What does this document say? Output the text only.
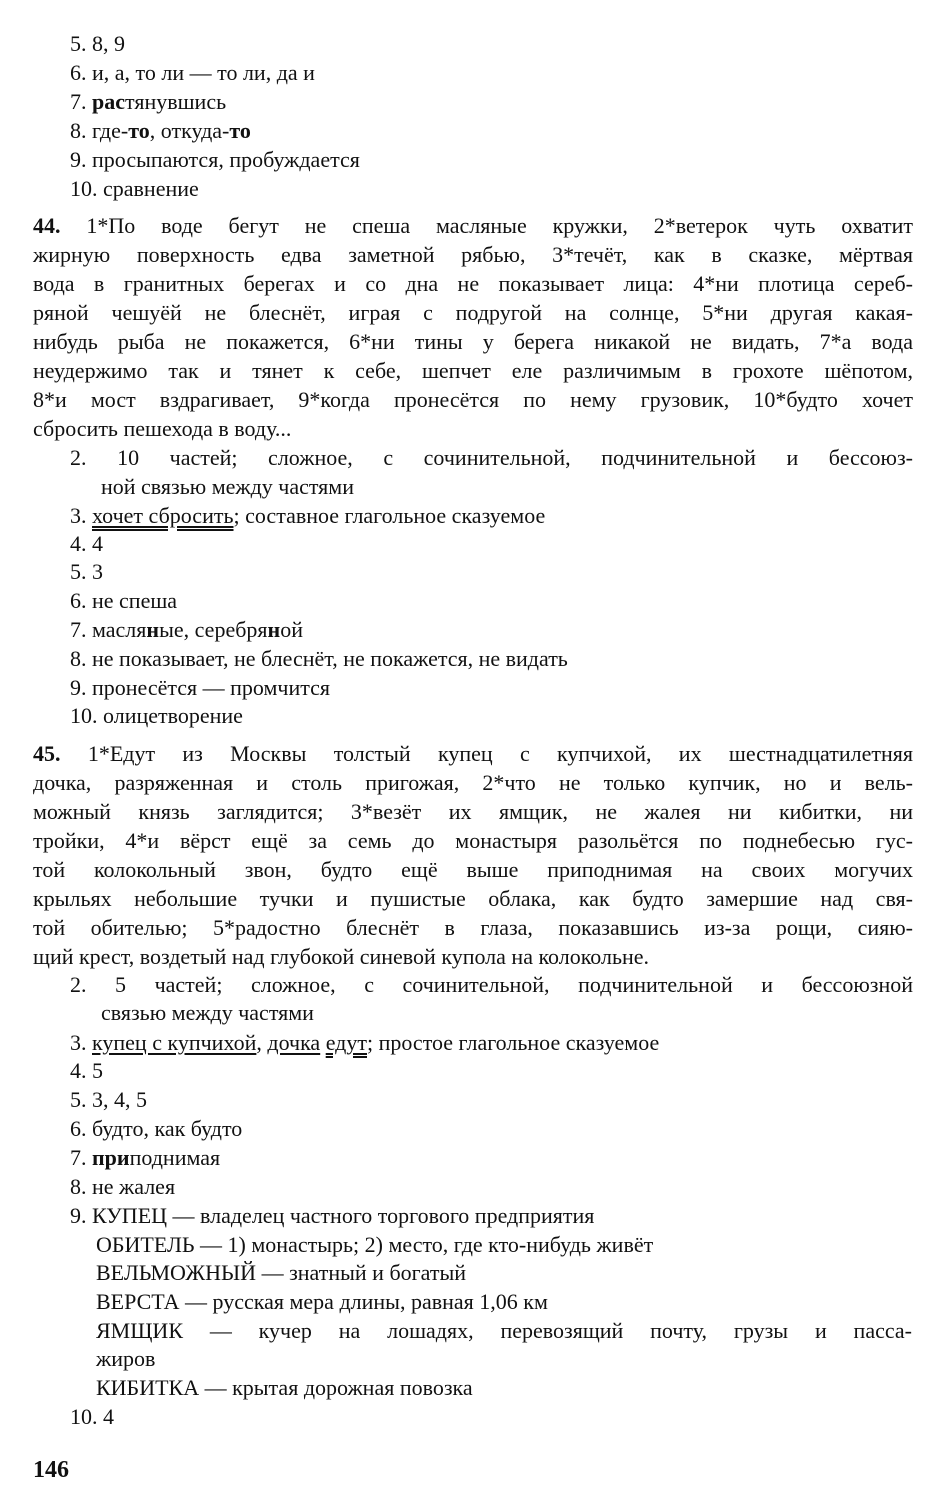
5. 8, 9
6. и, а, то ли — то ли, да и
7. растянувшись
8. где-то, откуда-то
9. просыпаются, пробуждается
10. сравнение
44. 1*По воде бегут не спеша масляные кружки, 2*ветерок чуть охватит
жирную поверхность едва заметной рябью, 3*течёт, как в сказке, мёртвая
вода в гранитных берегах и со дна не показывает лица: 4*ни плотица сереб-
ряной чешуёй не блеснёт, играя с подругой на солнце, 5*ни другая какая-
нибудь рыба не покажется, 6*ни тины у берега никакой не видать, 7*а вода
неудержимо так и тянет к себе, шепчет еле различимым в грохоте шёпотом,
8*и мост вздрагивает, 9*когда пронесётся по нему грузовик, 10*будто хочет
сбросить пешехода в воду...
2. 10 частей; сложное, с сочинительной, подчинительной и бессоюз-
ной связью между частями
3. хочет сбросить; составное глагольное сказуемое
4. 4
5. 3
6. не спеша
7. масляные, серебряной
8. не показывает, не блеснёт, не покажется, не видать
9. пронесётся — промчится
10. олицетворение
45. 1*Едут из Москвы толстый купец с купчихой, их шестнадцатилетняя
дочка, разряженная и столь пригожая, 2*что не только купчик, но и вель-
можный князь заглядится; 3*везёт их ямщик, не жалея ни кибитки, ни
тройки, 4*и вёрст ещё за семь до монастыря разольётся по поднебесью гус-
той колокольный звон, будто ещё выше приподнимая на своих могучих
крыльях небольшие тучки и пушистые облака, как будто замершие над свя-
той обителью; 5*радостно блеснёт в глаза, показавшись из-за рощи, сияю-
щий крест, воздетый над глубокой синевой купола на колокольне.
2. 5 частей; сложное, с сочинительной, подчинительной и бессоюзной
связью между частями
3. купец с купчихой, дочка едут; простое глагольное сказуемое
4. 5
5. 3, 4, 5
6. будто, как будто
7. приподнимая
8. не жалея
9. КУПЕЦ — владелец частного торгового предприятия
ОБИТЕЛЬ — 1) монастырь; 2) место, где кто-нибудь живёт
ВЕЛЬМОЖНЫЙ — знатный и богатый
ВЕРСТА — русская мера длины, равная 1,06 км
ЯМЩИК — кучер на лошадях, перевозящий почту, грузы и пасса-
жиров
КИБИТКА — крытая дорожная повозка
10. 4
146
